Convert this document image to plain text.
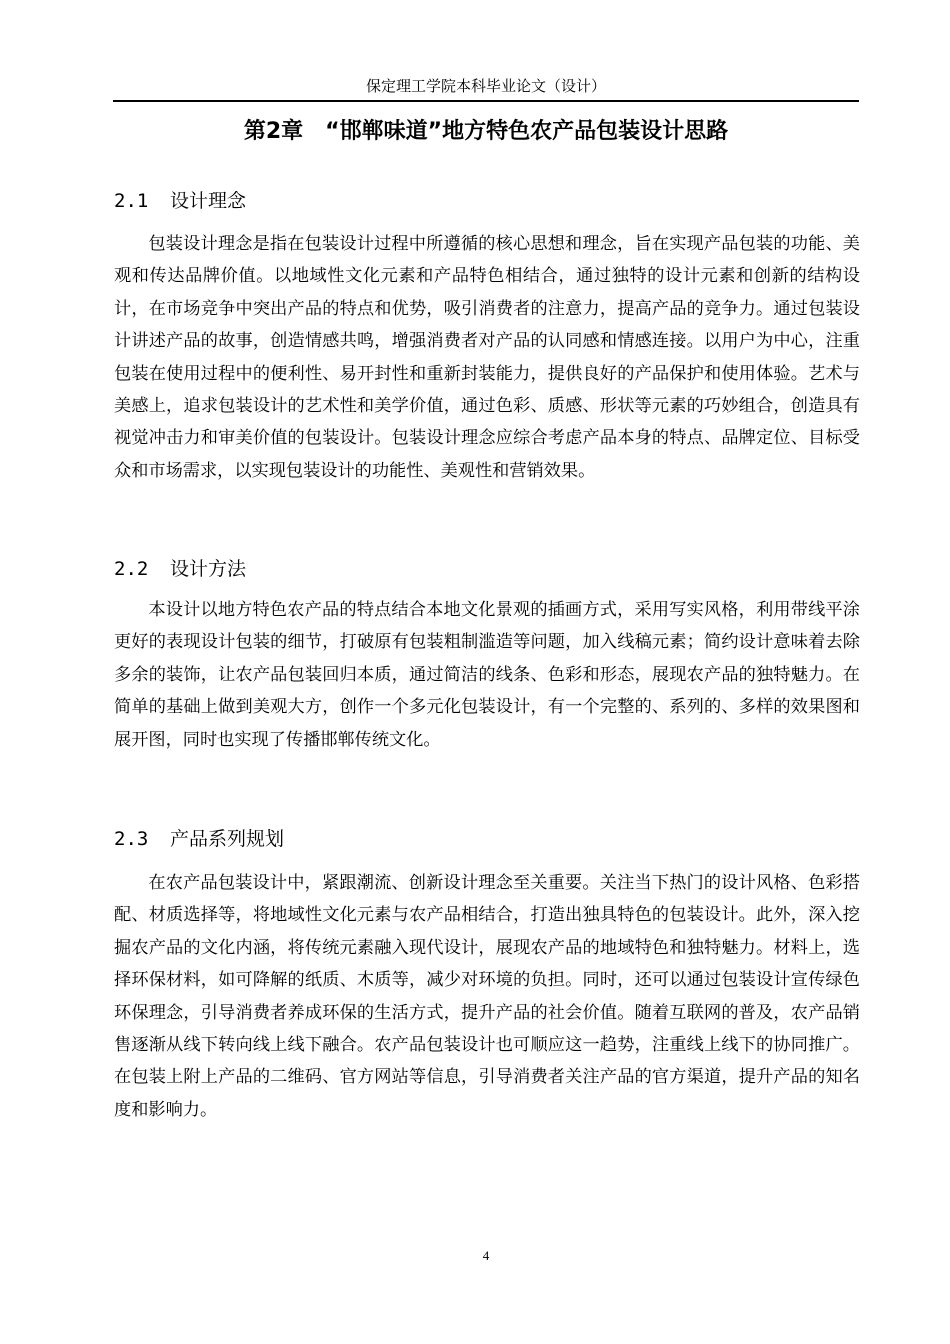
保定理工学院本科毕业论文（设计）
第2章　“邯郸味道”地方特色农产品包装设计思路
2.1 设计理念

包装设计理念是指在包装设计过程中所遵循的核心思想和理念，旨在实现产品包装的功能、美观和传达品牌价值。以地域性文化元素和产品特色相结合，通过独特的设计元素和创新的结构设计，在市场竞争中突出产品的特点和优势，吸引消费者的注意力，提高产品的竞争力。通过包装设计讲述产品的故事，创造情感共鸣，增强消费者对产品的认同感和情感连接。以用户为中心，注重包装在使用过程中的便利性、易开封性和重新封装能力，提供良好的产品保护和使用体验。艺术与美感上，追求包装设计的艺术性和美学价值，通过色彩、质感、形状等元素的巧妙组合，创造具有视觉冲击力和审美价值的包装设计。包装设计理念应综合考虑产品本身的特点、品牌定位、目标受众和市场需求，以实现包装设计的功能性、美观性和营销效果。

2.2 设计方法

本设计以地方特色农产品的特点结合本地文化景观的插画方式，采用写实风格，利用带线平涂更好的表现设计包装的细节，打破原有包装粗制滥造等问题，加入线稿元素；简约设计意味着去除多余的装饰，让农产品包装回归本质，通过简洁的线条、色彩和形态，展现农产品的独特魅力。在简单的基础上做到美观大方，创作一个多元化包装设计，有一个完整的、系列的、多样的效果图和展开图，同时也实现了传播邯郸传统文化。

2.3 产品系列规划

在农产品包装设计中，紧跟潮流、创新设计理念至关重要。关注当下热门的设计风格、色彩搭配、材质选择等，将地域性文化元素与农产品相结合，打造出独具特色的包装设计。此外，深入挖掘农产品的文化内涵，将传统元素融入现代设计，展现农产品的地域特色和独特魅力。材料上，选择环保材料，如可降解的纸质、木质等，减少对环境的负担。同时，还可以通过包装设计宣传绿色环保理念，引导消费者养成环保的生活方式，提升产品的社会价值。随着互联网的普及，农产品销售逐渐从线下转向线上线下融合。农产品包装设计也可顺应这一趋势，注重线上线下的协同推广。在包装上附上产品的二维码、官方网站等信息，引导消费者关注产品的官方渠道，提升产品的知名度和影响力。

4
